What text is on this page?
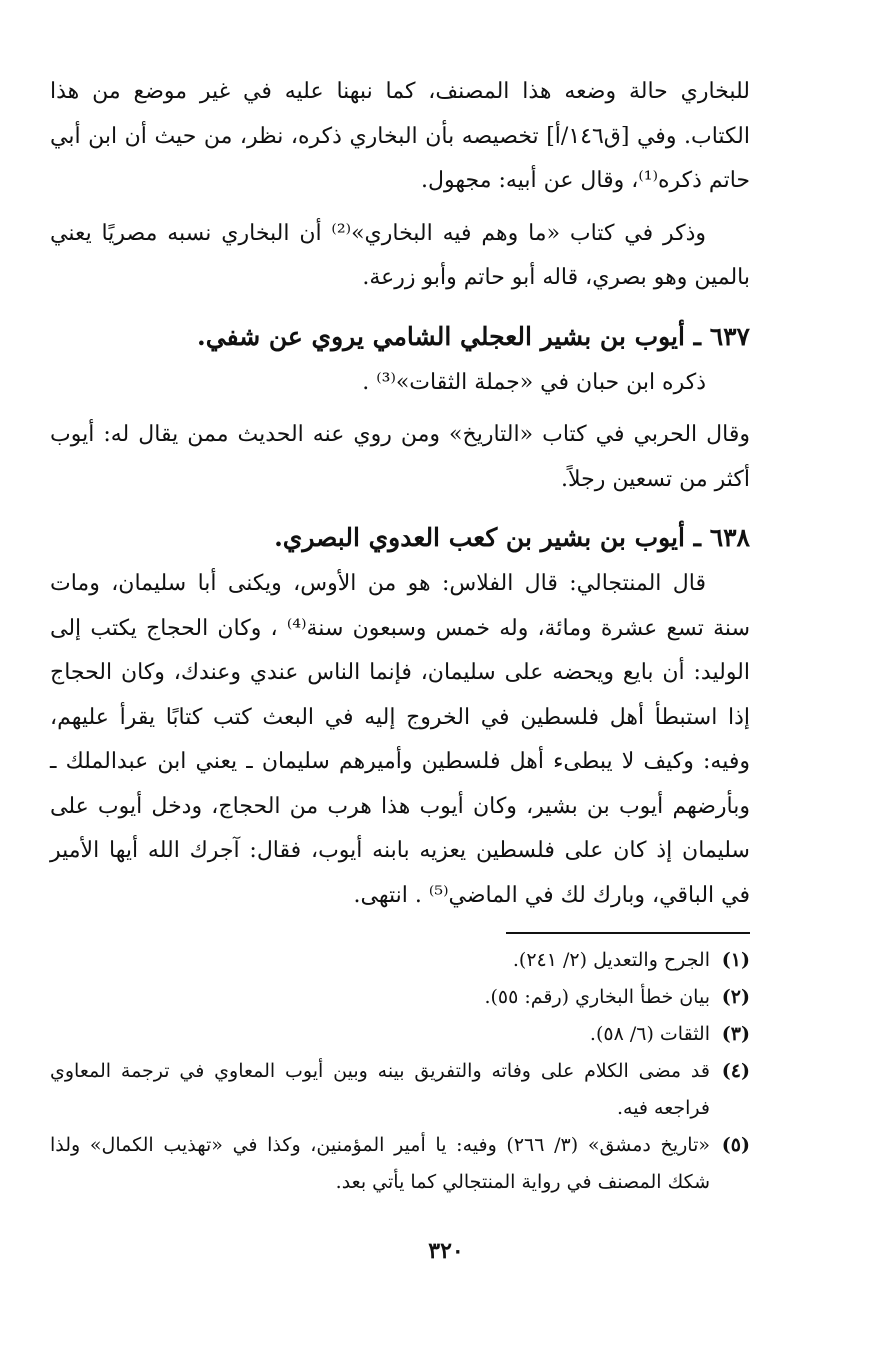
للبخاري حالة وضعه هذا المصنف، كما نبهنا عليه في غير موضع من هذا الكتاب. وفي [ق١٤٦/أ] تخصيصه بأن البخاري ذكره، نظر، من حيث أن ابن أبي حاتم ذكره⁽¹⁾، وقال عن أبيه: مجهول.

وذكر في كتاب «ما وهم فيه البخاري»⁽²⁾ أن البخاري نسبه مصريًا يعني بالمين وهو بصري، قاله أبو حاتم وأبو زرعة.

٦٣٧ ـ أيوب بن بشير العجلي الشامي يروي عن شفي.

ذكره ابن حبان في «جملة الثقات»⁽³⁾ .

وقال الحربي في كتاب «التاريخ» ومن روي عنه الحديث ممن يقال له: أيوب أكثر من تسعين رجلاً.

٦٣٨ ـ أيوب بن بشير بن كعب العدوي البصري.

قال المنتجالي: قال الفلاس: هو من الأوس، ويكنى أبا سليمان، ومات سنة تسع عشرة ومائة، وله خمس وسبعون سنة⁽⁴⁾ ، وكان الحجاج يكتب إلى الوليد: أن بايع ويحضه على سليمان، فإنما الناس عندي وعندك، وكان الحجاج إذا استبطأ أهل فلسطين في الخروج إليه في البعث كتب كتابًا يقرأ عليهم، وفيه: وكيف لا يبطىء أهل فلسطين وأميرهم سليمان ـ يعني ابن عبدالملك ـ وبأرضهم أيوب بن بشير، وكان أيوب هذا هرب من الحجاج، ودخل أيوب على سليمان إذ كان على فلسطين يعزيه بابنه أيوب، فقال: آجرك الله أيها الأمير في الباقي، وبارك لك في الماضي⁽⁵⁾ . انتهى.

(١)
الجرح والتعديل (٢/ ٢٤١).
(٢)
بيان خطأ البخاري (رقم: ٥٥).
(٣)
الثقات (٦/ ٥٨).
(٤)
قد مضى الكلام على وفاته والتفريق بينه وبين أيوب المعاوي في ترجمة المعاوي فراجعه فيه.
(٥)
«تاريخ دمشق» (٣/ ٢٦٦) وفيه: يا أمير المؤمنين، وكذا في «تهذيب الكمال» ولذا شكك المصنف في رواية المنتجالي كما يأتي بعد.
٣٢٠
